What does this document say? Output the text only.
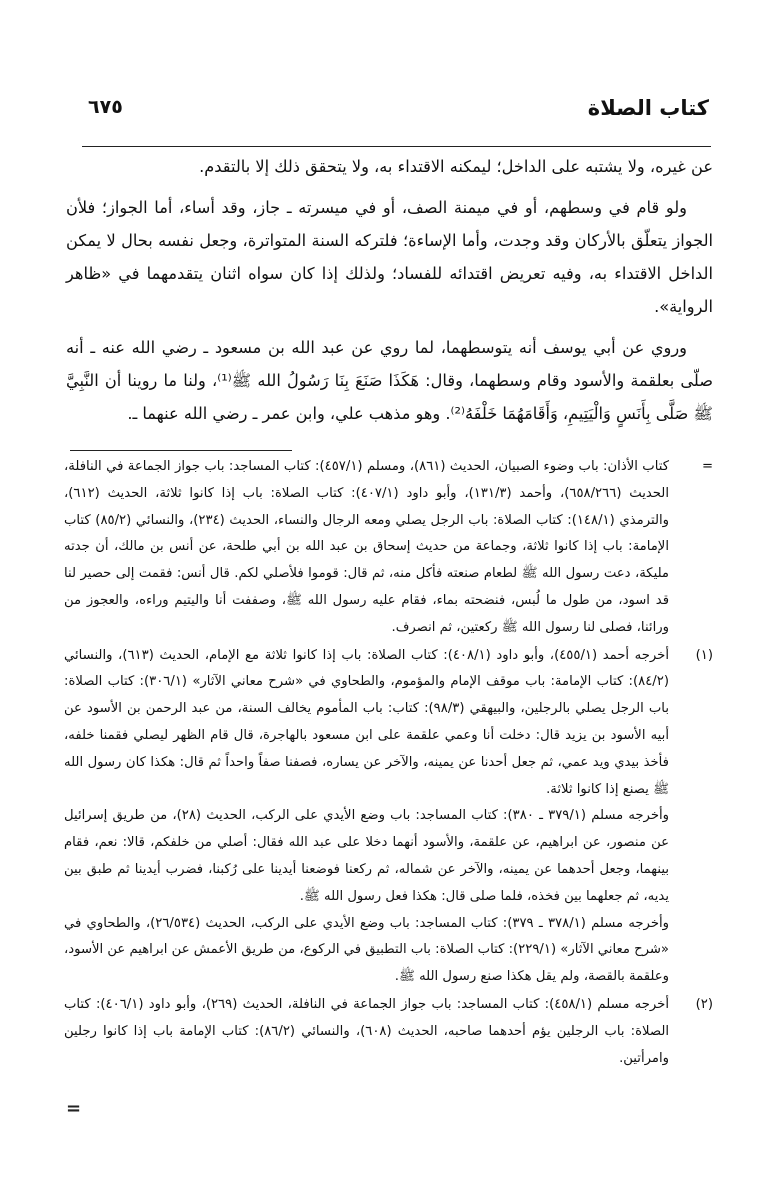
كتاب الصلاة
٦٧٥

عن غيره، ولا يشتبه على الداخل؛ ليمكنه الاقتداء به، ولا يتحقق ذلك إلا بالتقدم.

ولو قام في وسطهم، أو في ميمنة الصف، أو في ميسرته ـ جاز، وقد أساء، أما الجواز؛ فلأن الجواز يتعلّق بالأركان وقد وجدت، وأما الإساءة؛ فلتركه السنة المتواترة، وجعل نفسه بحال لا يمكن الداخل الاقتداء به، وفيه تعريض اقتدائه للفساد؛ ولذلك إذا كان سواه اثنان يتقدمهما في «ظاهر الرواية».

وروي عن أبي يوسف أنه يتوسطهما، لما روي عن عبد الله بن مسعود ـ رضي الله عنه ـ أنه صلّى بعلقمة والأسود وقام وسطهما، وقال: هَكَذَا صَنَعَ بِنَا رَسُولُ الله ﷺ⁽¹⁾، ولنا ما روينا أن النَّبِيَّ ﷺ صَلَّى بِأَنَسٍ وَالْيَتِيمِ، وَأَقَامَهُمَا خَلْفَهُ⁽²⁾. وهو مذهب علي، وابن عمر ـ رضي الله عنهما ـ.

=

كتاب الأذان: باب وضوء الصبيان، الحديث (٨٦١)، ومسلم (٤٥٧/١): كتاب المساجد: باب جواز الجماعة في النافلة، الحديث (٦٥٨/٢٦٦)، وأحمد (١٣١/٣)، وأبو داود (٤٠٧/١): كتاب الصلاة: باب إذا كانوا ثلاثة، الحديث (٦١٢)، والترمذي (١٤٨/١): كتاب الصلاة: باب الرجل يصلي ومعه الرجال والنساء، الحديث (٢٣٤)، والنسائي (٨٥/٢) كتاب الإمامة: باب إذا كانوا ثلاثة، وجماعة من حديث إسحاق بن عبد الله بن أبي طلحة، عن أنس بن مالك، أن جدته مليكة، دعت رسول الله ﷺ لطعام صنعته فأكل منه، ثم قال: قوموا فلأصلي لكم. قال أنس: فقمت إلى حصير لنا قد اسود، من طول ما لُبس، فنضحته بماء، فقام عليه رسول الله ﷺ، وصففت أنا واليتيم وراءه، والعجوز من ورائنا، فصلى لنا رسول الله ﷺ ركعتين، ثم انصرف.

(١)

أخرجه أحمد (٤٥٥/١)، وأبو داود (٤٠٨/١): كتاب الصلاة: باب إذا كانوا ثلاثة مع الإمام، الحديث (٦١٣)، والنسائي (٨٤/٢): كتاب الإمامة: باب موقف الإمام والمؤموم، والطحاوي في «شرح معاني الآثار» (٣٠٦/١): كتاب الصلاة: باب الرجل يصلي بالرجلين، والبيهقي (٩٨/٣): كتاب: باب المأموم يخالف السنة، من عبد الرحمن بن الأسود عن أبيه الأسود بن يزيد قال: دخلت أنا وعمي علقمة على ابن مسعود بالهاجرة، قال قام الظهر ليصلي فقمنا خلفه، فأخذ بيدي ويد عمي، ثم جعل أحدنا عن يمينه، والآخر عن يساره، فصفنا صفاً واحداً ثم قال: هكذا كان رسول الله ﷺ يصنع إذا كانوا ثلاثة.

وأخرجه مسلم (٣٧٩/١ ـ ٣٨٠): كتاب المساجد: باب وضع الأيدي على الركب، الحديث (٢٨)، من طريق إسرائيل عن منصور، عن ابراهيم، عن علقمة، والأسود أنهما دخلا على عبد الله فقال: أصلي من خلفكم، قالا: نعم، فقام بينهما، وجعل أحدهما عن يمينه، والآخر عن شماله، ثم ركعنا فوضعنا أيدينا على رُكبنا، فضرب أيدينا ثم طبق بين يديه، ثم جعلهما بين فخذه، فلما صلى قال: هكذا فعل رسول الله ﷺ.

وأخرجه مسلم (٣٧٨/١ ـ ٣٧٩): كتاب المساجد: باب وضع الأيدي على الركب، الحديث (٢٦/٥٣٤)، والطحاوي في «شرح معاني الآثار» (٢٢٩/١): كتاب الصلاة: باب التطبيق في الركوع، من طريق الأعمش عن ابراهيم عن الأسود، وعلقمة بالقصة، ولم يقل هكذا صنع رسول الله ﷺ.

(٢)

أخرجه مسلم (٤٥٨/١): كتاب المساجد: باب جواز الجماعة في النافلة، الحديث (٢٦٩)، وأبو داود (٤٠٦/١): كتاب الصلاة: باب الرجلين يؤم أحدهما صاحبه، الحديث (٦٠٨)، والنسائي (٨٦/٢): كتاب الإمامة باب إذا كانوا رجلين وامرأتين.

=
